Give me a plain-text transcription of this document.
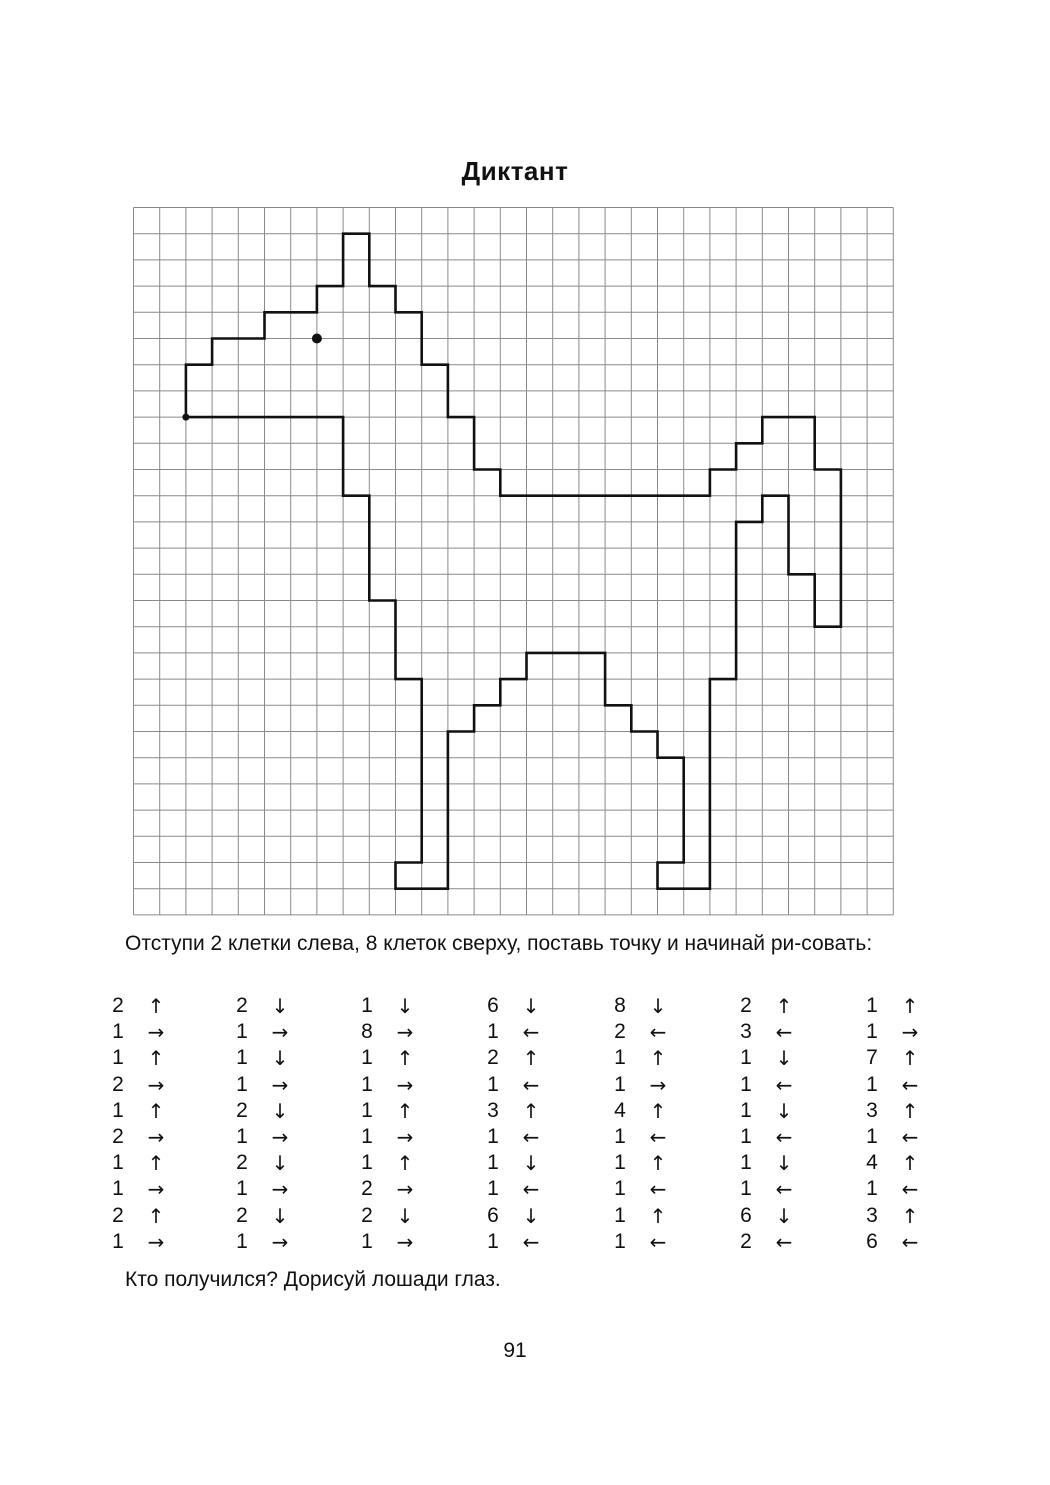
Диктант

Отступи 2 клетки слева, 8 клеток сверху, поставь точку и начинай ри-совать:

2 ↑
1 →
1 ↑
2 →
1 ↑
2 →
1 ↑
1 →
2 ↑
1 →
2 ↓
1 →
1 ↓
1 →
2 ↓
1 →
2 ↓
1 →
2 ↓
1 →
1 ↓
8 →
1 ↑
1 →
1 ↑
1 →
1 ↑
2 →
2 ↓
1 →
6 ↓
1 ←
2 ↑
1 ←
3 ↑
1 ←
1 ↓
1 ←
6 ↓
1 ←
8 ↓
2 ←
1 ↑
1 →
4 ↑
1 ←
1 ↑
1 ←
1 ↑
1 ←
2 ↑
3 ←
1 ↓
1 ←
1 ↓
1 ←
1 ↓
1 ←
6 ↓
2 ←
1 ↑
1 →
7 ↑
1 ←
3 ↑
1 ←
4 ↑
1 ←
3 ↑
6 ←

Кто получился? Дорисуй лошади глаз.

91
